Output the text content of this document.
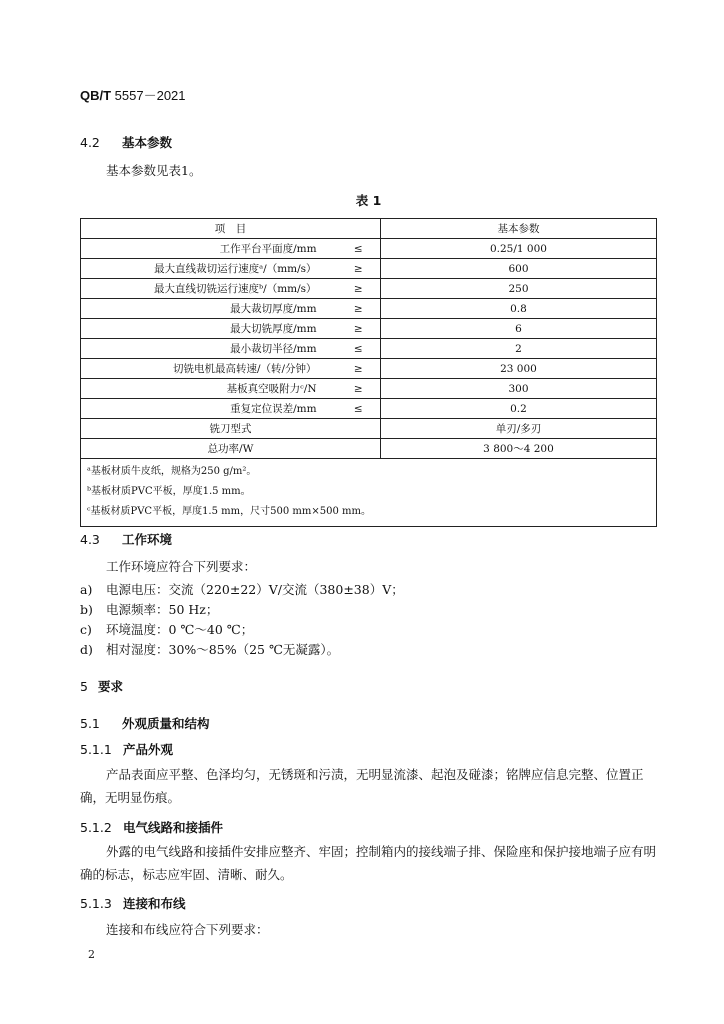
QB/T 5557－2021
4.2 基本参数
基本参数见表1。
表 1
项　目		基本参数
工作平台平面度/mm	≤	0.25/1 000
最大直线裁切运行速度ᵃ/（mm/s）	≥	600
最大直线切铣运行速度ᵇ/（mm/s）	≥	250
最大裁切厚度/mm	≥	0.8
最大切铣厚度/mm	≥	6
最小裁切半径/mm	≤	2
切铣电机最高转速/（转/分钟）	≥	23 000
基板真空吸附力ᶜ/N	≥	300
重复定位误差/mm	≤	0.2
铣刀型式		单刃/多刃
总功率/W		3 800～4 200

ᵃ基板材质牛皮纸，规格为250 g/m²。
ᵇ基板材质PVC平板，厚度1.5 mm。
ᶜ基板材质PVC平板，厚度1.5 mm，尺寸500 mm×500 mm。		
4.3 工作环境
工作环境应符合下列要求：
a) 电源电压：交流（220±22）V/交流（380±38）V；
b) 电源频率：50 Hz；
c) 环境温度：0 ℃～40 ℃；
d) 相对湿度：30%～85%（25 ℃无凝露）。
5 要求
5.1 外观质量和结构
5.1.1 产品外观
产品表面应平整、色泽均匀，无锈斑和污渍，无明显流漆、起泡及碰漆；铭牌应信息完整、位置正确，无明显伤痕。
5.1.2 电气线路和接插件
外露的电气线路和接插件安排应整齐、牢固；控制箱内的接线端子排、保险座和保护接地端子应有明确的标志，标志应牢固、清晰、耐久。
5.1.3 连接和布线
连接和布线应符合下列要求：
2
